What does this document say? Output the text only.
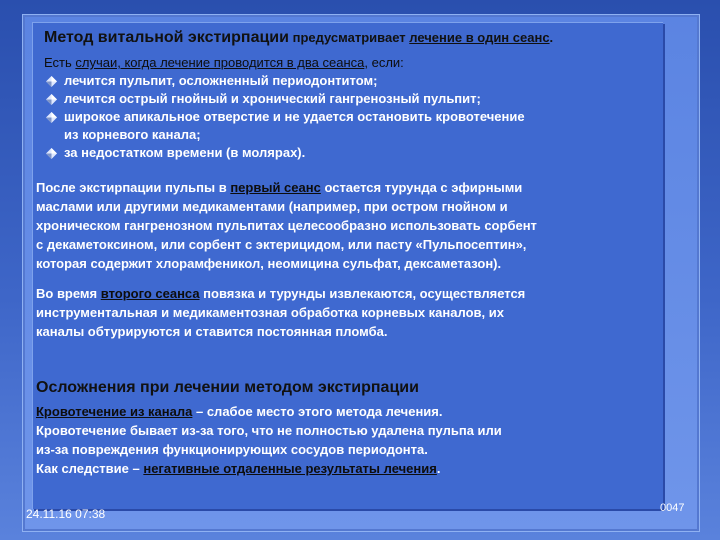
Метод витальной экстирпации предусматривает лечение в один сеанс.

Есть случаи, когда лечение проводится в два сеанса, если:

лечится пульпит, осложненный периодонтитом;
лечится острый гнойный и хронический гангренозный пульпит;
широкое апикальное отверстие и не удается остановить кровотечение
из корневого канала;
за недостатком времени (в молярах).

После экстирпации пульпы в первый сеанс остается турунда с эфирными
маслами или другими медикаментами (например, при остром гнойном и
хроническом гангренозном пульпитах целесообразно использовать сорбент
с декаметоксином, или сорбент с эктерицидом, или пасту «Пульпосептин»,
которая содержит хлорамфеникол, неомицина сульфат, дексаметазон).

Во время второго сеанса повязка и турунды извлекаются, осуществляется
инструментальная и медикаментозная обработка корневых каналов, их
каналы обтурируются и ставится постоянная пломба.

Осложнения при лечении методом экстирпации

Кровотечение из канала – слабое место этого метода лечения.
Кровотечение бывает из-за того, что не полностью удалена пульпа или
из-за повреждения функционирующих сосудов периодонта.
Как следствие – негативные отдаленные результаты лечения.

24.11.16 07:38	0047
